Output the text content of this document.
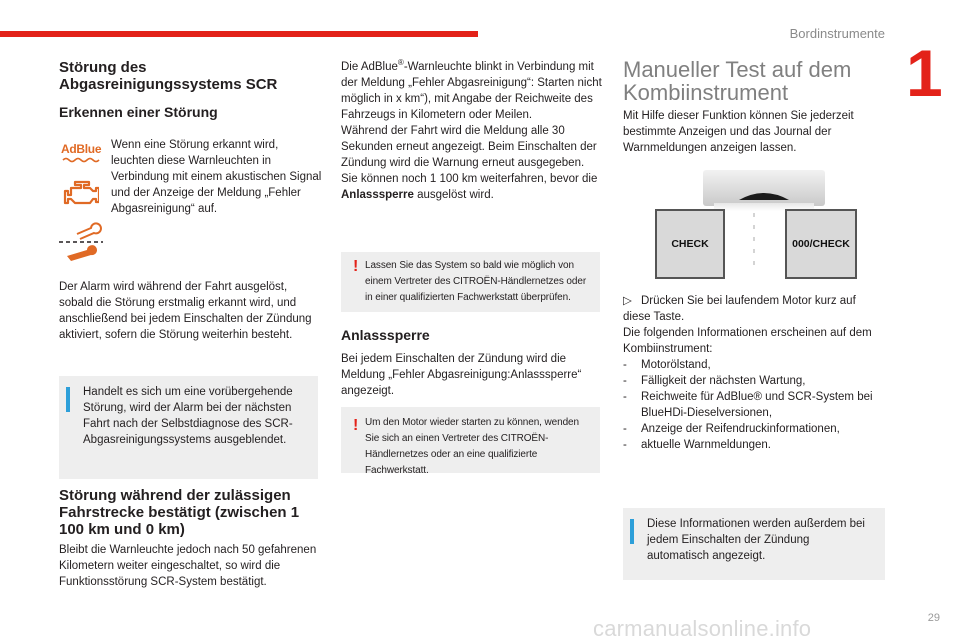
Bordinstrumente
1
Störung des Abgasreinigungssystems SCR
Erkennen einer Störung
AdBlue Wenn eine Störung erkannt wird, leuchten diese Warnleuchten in Verbindung mit einem akustischen Signal und der Anzeige der Meldung „Fehler Abgasreinigung“ auf.
Der Alarm wird während der Fahrt ausgelöst, sobald die Störung erstmalig erkannt wird, und anschließend bei jedem Einschalten der Zündung aktiviert, sofern die Störung weiterhin besteht.
Handelt es sich um eine vorübergehende Störung, wird der Alarm bei der nächsten Fahrt nach der Selbstdiagnose des SCR-Abgasreinigungssystems ausgeblendet.
Störung während der zulässigen Fahrstrecke bestätigt (zwischen 1 100 km und 0 km)
Bleibt die Warnleuchte jedoch nach 50 gefahrenen Kilometern weiter eingeschaltet, so wird die Funktionsstörung SCR-System bestätigt.
Die AdBlue®-Warnleuchte blinkt in Verbindung mit der Meldung „Fehler Abgasreinigung“: Starten nicht möglich in x km“), mit Angabe der Reichweite des Fahrzeugs in Kilometern oder Meilen.
Während der Fahrt wird die Meldung alle 30 Sekunden erneut angezeigt. Beim Einschalten der Zündung wird die Warnung erneut ausgegeben.
Sie können noch 1 100 km weiterfahren, bevor die Anlasssperre ausgelöst wird.
! Lassen Sie das System so bald wie möglich von einem Vertreter des CITROËN-Händlernetzes oder in einer qualifizierten Fachwerkstatt überprüfen.
Anlasssperre
Bei jedem Einschalten der Zündung wird die Meldung „Fehler Abgasreinigung:Anlasssperre“ angezeigt.
! Um den Motor wieder starten zu können, wenden Sie sich an einen Vertreter des CITROËN-Händlernetzes oder an eine qualifizierte Fachwerkstatt.
Manueller Test auf dem Kombiinstrument
Mit Hilfe dieser Funktion können Sie jederzeit bestimmte Anzeigen und das Journal der Warnmeldungen anzeigen lassen.
CHECK	000/CHECK
▷ Drücken Sie bei laufendem Motor kurz auf diese Taste.
Die folgenden Informationen erscheinen auf dem Kombiinstrument:
- Motorölstand,
- Fälligkeit der nächsten Wartung,
- Reichweite für AdBlue® und SCR-System bei BlueHDi-Dieselversionen,
- Anzeige der Reifendruckinformationen,
- aktuelle Warnmeldungen.
Diese Informationen werden außerdem bei jedem Einschalten der Zündung automatisch angezeigt.
carmanualsonline.info	29
